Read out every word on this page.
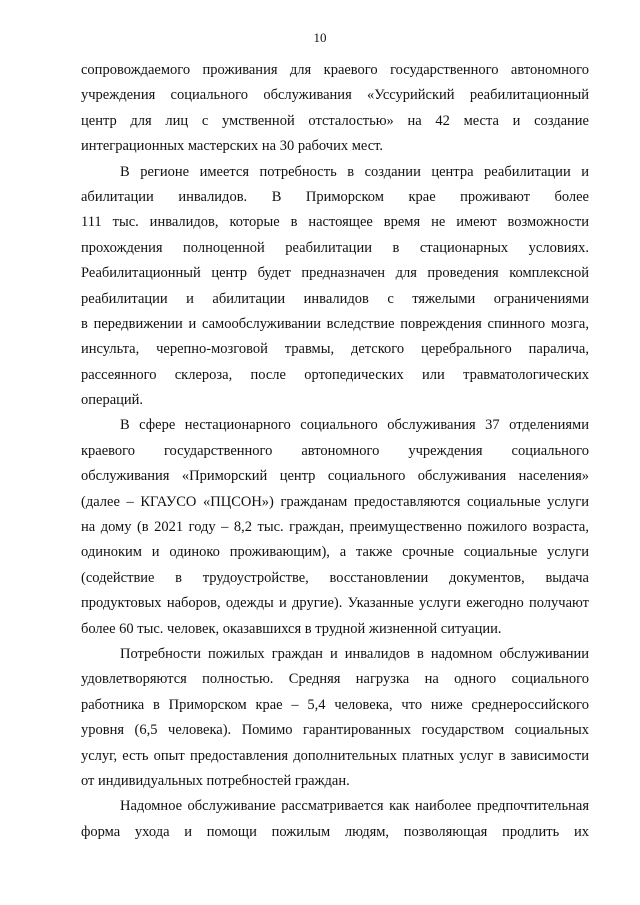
10
сопровождаемого проживания для краевого государственного автономного
учреждения социального обслуживания «Уссурийский реабилитационный
центр для лиц с умственной отсталостью» на 42 места и создание
интеграционных мастерских на 30 рабочих мест.
В регионе имеется потребность в создании центра реабилитации и
абилитации инвалидов. В Приморском крае проживают более
111 тыс. инвалидов, которые в настоящее время не имеют возможности
прохождения полноценной реабилитации в стационарных условиях.
Реабилитационный центр будет предназначен для проведения комплексной
реабилитации и абилитации инвалидов с тяжелыми ограничениями
в передвижении и самообслуживании вследствие повреждения спинного мозга,
инсульта, черепно-мозговой травмы, детского церебрального паралича,
рассеянного склероза, после ортопедических или травматологических
операций.
В сфере нестационарного социального обслуживания 37 отделениями
краевого государственного автономного учреждения социального
обслуживания «Приморский центр социального обслуживания населения»
(далее – КГАУСО «ПЦСОН») гражданам предоставляются социальные услуги
на дому (в 2021 году – 8,2 тыс. граждан, преимущественно пожилого возраста,
одиноким и одиноко проживающим), а также срочные социальные услуги
(содействие в трудоустройстве, восстановлении документов, выдача
продуктовых наборов, одежды и другие). Указанные услуги ежегодно получают
более 60 тыс. человек, оказавшихся в трудной жизненной ситуации.
Потребности пожилых граждан и инвалидов в надомном обслуживании
удовлетворяются полностью. Средняя нагрузка на одного социального
работника в Приморском крае – 5,4 человека, что ниже среднероссийского
уровня (6,5 человека). Помимо гарантированных государством социальных
услуг, есть опыт предоставления дополнительных платных услуг в зависимости
от индивидуальных потребностей граждан.
Надомное обслуживание рассматривается как наиболее предпочтительная
форма ухода и помощи пожилым людям, позволяющая продлить их
